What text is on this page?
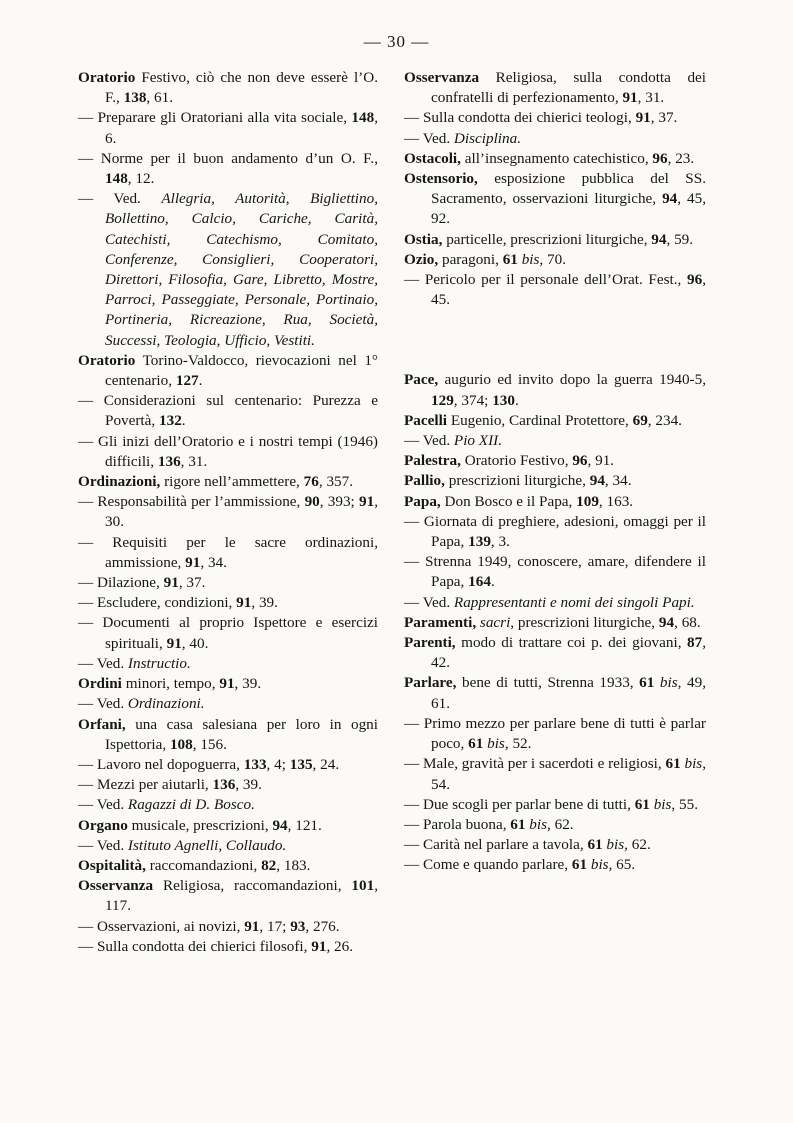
— 30 —
Oratorio Festivo, ciò che non deve esserè l’O. F., 138, 61.
— Preparare gli Oratoriani alla vita sociale, 148, 6.
— Norme per il buon andamento d’un O. F., 148, 12.
— Ved. Allegria, Autorità, Bigliettino, Bollettino, Calcio, Cariche, Carità, Catechisti, Catechismo, Comitato, Conferenze, Consiglieri, Cooperatori, Direttori, Filosofia, Gare, Libretto, Mostre, Parroci, Passeggiate, Personale, Portinaio, Portineria, Ricreazione, Rua, Società, Successi, Teologia, Ufficio, Vestiti.
Oratorio Torino-Valdocco, rievocazioni nel 1° centenario, 127.
— Considerazioni sul centenario: Purezza e Povertà, 132.
— Gli inizi dell’Oratorio e i nostri tempi (1946) difficili, 136, 31.
Ordinazioni, rigore nell’ammettere, 76, 357.
— Responsabilità per l’ammissione, 90, 393; 91, 30.
— Requisiti per le sacre ordinazioni, ammissione, 91, 34.
— Dilazione, 91, 37.
— Escludere, condizioni, 91, 39.
— Documenti al proprio Ispettore e esercizi spirituali, 91, 40.
— Ved. Instructio.
Ordini minori, tempo, 91, 39.
— Ved. Ordinazioni.
Orfani, una casa salesiana per loro in ogni Ispettoria, 108, 156.
— Lavoro nel dopoguerra, 133, 4; 135, 24.
— Mezzi per aiutarli, 136, 39.
— Ved. Ragazzi di D. Bosco.
Organo musicale, prescrizioni, 94, 121.
— Ved. Istituto Agnelli, Collaudo.
Ospitalità, raccomandazioni, 82, 183.
Osservanza Religiosa, raccomandazioni, 101, 117.
— Osservazioni, ai novizi, 91, 17; 93, 276.
— Sulla condotta dei chierici filosofi, 91, 26.
Osservanza Religiosa, sulla condotta dei confratelli di perfezionamento, 91, 31.
— Sulla condotta dei chierici teologi, 91, 37.
— Ved. Disciplina.
Ostacoli, all’insegnamento catechistico, 96, 23.
Ostensorio, esposizione pubblica del SS. Sacramento, osservazioni liturgiche, 94, 45, 92.
Ostia, particelle, prescrizioni liturgiche, 94, 59.
Ozio, paragoni, 61 bis, 70.
— Pericolo per il personale dell’Orat. Fest., 96, 45.
Pace, augurio ed invito dopo la guerra 1940-5, 129, 374; 130.
Pacelli Eugenio, Cardinal Protettore, 69, 234.
— Ved. Pio XII.
Palestra, Oratorio Festivo, 96, 91.
Pallio, prescrizioni liturgiche, 94, 34.
Papa, Don Bosco e il Papa, 109, 163.
— Giornata di preghiere, adesioni, omaggi per il Papa, 139, 3.
— Strenna 1949, conoscere, amare, difendere il Papa, 164.
— Ved. Rappresentanti e nomi dei singoli Papi.
Paramenti, sacri, prescrizioni liturgiche, 94, 68.
Parenti, modo di trattare coi p. dei giovani, 87, 42.
Parlare, bene di tutti, Strenna 1933, 61 bis, 49, 61.
— Primo mezzo per parlare bene di tutti è parlar poco, 61 bis, 52.
— Male, gravità per i sacerdoti e religiosi, 61 bis, 54.
— Due scogli per parlar bene di tutti, 61 bis, 55.
— Parola buona, 61 bis, 62.
— Carità nel parlare a tavola, 61 bis, 62.
— Come e quando parlare, 61 bis, 65.
